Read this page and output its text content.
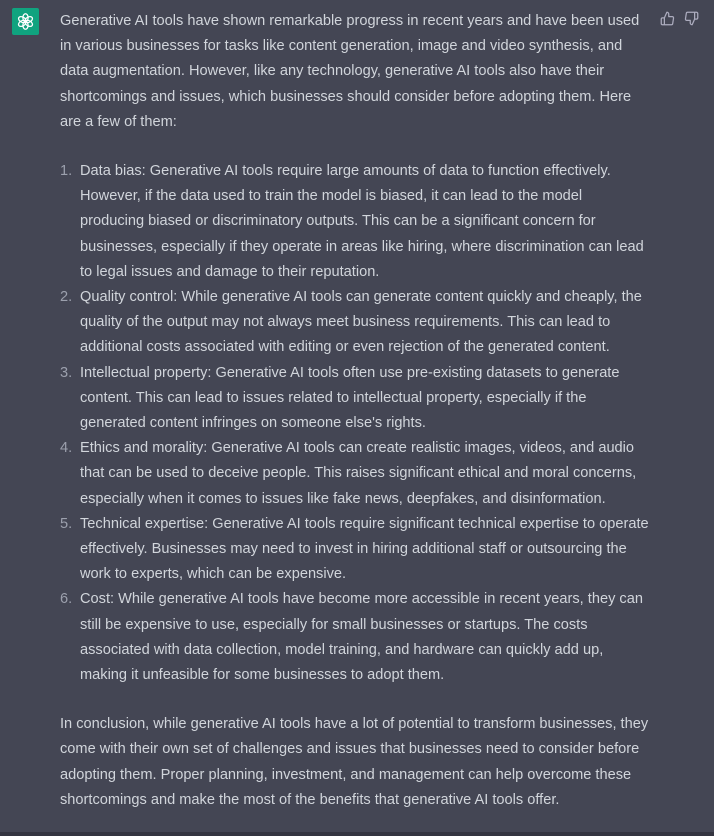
Generative AI tools have shown remarkable progress in recent years and have been used in various businesses for tasks like content generation, image and video synthesis, and data augmentation. However, like any technology, generative AI tools also have their shortcomings and issues, which businesses should consider before adopting them. Here are a few of them:

1. Data bias: Generative AI tools require large amounts of data to function effectively. However, if the data used to train the model is biased, it can lead to the model producing biased or discriminatory outputs. This can be a significant concern for businesses, especially if they operate in areas like hiring, where discrimination can lead to legal issues and damage to their reputation.
2. Quality control: While generative AI tools can generate content quickly and cheaply, the quality of the output may not always meet business requirements. This can lead to additional costs associated with editing or even rejection of the generated content.
3. Intellectual property: Generative AI tools often use pre-existing datasets to generate content. This can lead to issues related to intellectual property, especially if the generated content infringes on someone else's rights.
4. Ethics and morality: Generative AI tools can create realistic images, videos, and audio that can be used to deceive people. This raises significant ethical and moral concerns, especially when it comes to issues like fake news, deepfakes, and disinformation.
5. Technical expertise: Generative AI tools require significant technical expertise to operate effectively. Businesses may need to invest in hiring additional staff or outsourcing the work to experts, which can be expensive.
6. Cost: While generative AI tools have become more accessible in recent years, they can still be expensive to use, especially for small businesses or startups. The costs associated with data collection, model training, and hardware can quickly add up, making it unfeasible for some businesses to adopt them.

In conclusion, while generative AI tools have a lot of potential to transform businesses, they come with their own set of challenges and issues that businesses need to consider before adopting them. Proper planning, investment, and management can help overcome these shortcomings and make the most of the benefits that generative AI tools offer.
